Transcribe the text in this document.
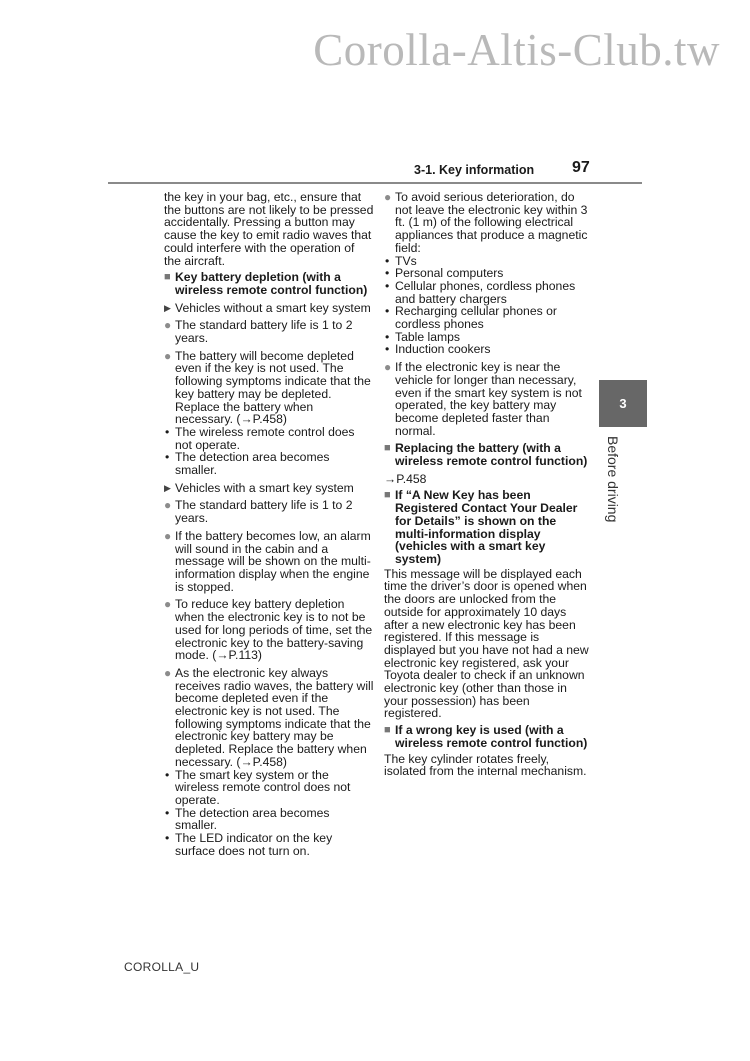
Corolla-Altis-Club.tw
3-1. Key information 97

the key in your bag, etc., ensure that the buttons are not likely to be pressed accidentally. Pressing a button may cause the key to emit radio waves that could interfere with the operation of the aircraft.

■ Key battery depletion (with a wireless remote control function)
▶ Vehicles without a smart key system
● The standard battery life is 1 to 2 years.
● The battery will become depleted even if the key is not used. The following symptoms indicate that the key battery may be depleted. Replace the battery when necessary. (→P.458)
• The wireless remote control does not operate.
• The detection area becomes smaller.
▶ Vehicles with a smart key system
● The standard battery life is 1 to 2 years.
● If the battery becomes low, an alarm will sound in the cabin and a message will be shown on the multi-information display when the engine is stopped.
● To reduce key battery depletion when the electronic key is to not be used for long periods of time, set the electronic key to the battery-saving mode. (→P.113)
● As the electronic key always receives radio waves, the battery will become depleted even if the electronic key is not used. The following symptoms indicate that the electronic key battery may be depleted. Replace the battery when necessary. (→P.458)
• The smart key system or the wireless remote control does not operate.
• The detection area becomes smaller.
• The LED indicator on the key surface does not turn on.
● To avoid serious deterioration, do not leave the electronic key within 3 ft. (1 m) of the following electrical appliances that produce a magnetic field:
• TVs
• Personal computers
• Cellular phones, cordless phones and battery chargers
• Recharging cellular phones or cordless phones
• Table lamps
• Induction cookers
● If the electronic key is near the vehicle for longer than necessary, even if the smart key system is not operated, the key battery may become depleted faster than normal.
■ Replacing the battery (with a wireless remote control function)

→P.458

■ If “A New Key has been Registered Contact Your Dealer for Details” is shown on the multi-information display (vehicles with a smart key system)

This message will be displayed each time the driver’s door is opened when the doors are unlocked from the outside for approximately 10 days after a new electronic key has been registered. If this message is displayed but you have not had a new electronic key registered, ask your Toyota dealer to check if an unknown electronic key (other than those in your possession) has been registered.

■ If a wrong key is used (with a wireless remote control function)

The key cylinder rotates freely, isolated from the internal mechanism.

3
Before driving
COROLLA_U
